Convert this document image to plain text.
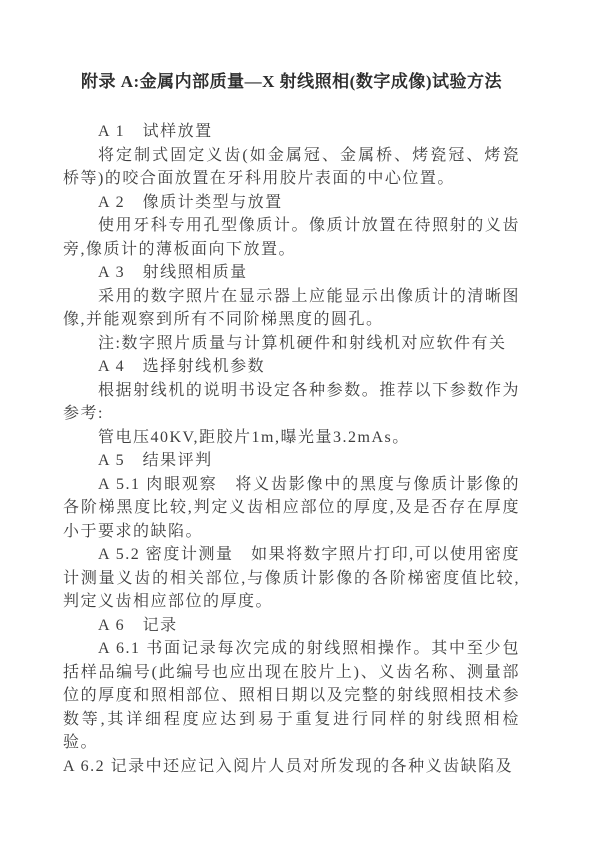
附录 A:金属内部质量—X 射线照相(数字成像)试验方法

A 1　试样放置

将定制式固定义齿(如金属冠、金属桥、烤瓷冠、烤瓷桥等)的咬合面放置在牙科用胶片表面的中心位置。

A 2　像质计类型与放置

使用牙科专用孔型像质计。像质计放置在待照射的义齿旁,像质计的薄板面向下放置。

A 3　射线照相质量

采用的数字照片在显示器上应能显示出像质计的清晰图像,并能观察到所有不同阶梯黑度的圆孔。

注:数字照片质量与计算机硬件和射线机对应软件有关

A 4　选择射线机参数

根据射线机的说明书设定各种参数。推荐以下参数作为参考:

管电压40KV,距胶片1m,曝光量3.2mAs。

A 5　结果评判

A 5.1 肉眼观察　将义齿影像中的黑度与像质计影像的各阶梯黑度比较,判定义齿相应部位的厚度,及是否存在厚度小于要求的缺陷。

A 5.2 密度计测量　如果将数字照片打印,可以使用密度计测量义齿的相关部位,与像质计影像的各阶梯密度值比较,判定义齿相应部位的厚度。

A 6　记录

A 6.1 书面记录每次完成的射线照相操作。其中至少包括样品编号(此编号也应出现在胶片上)、义齿名称、测量部位的厚度和照相部位、照相日期以及完整的射线照相技术参数等,其详细程度应达到易于重复进行同样的射线照相检验。

A 6.2 记录中还应记入阅片人员对所发现的各种义齿缺陷及
